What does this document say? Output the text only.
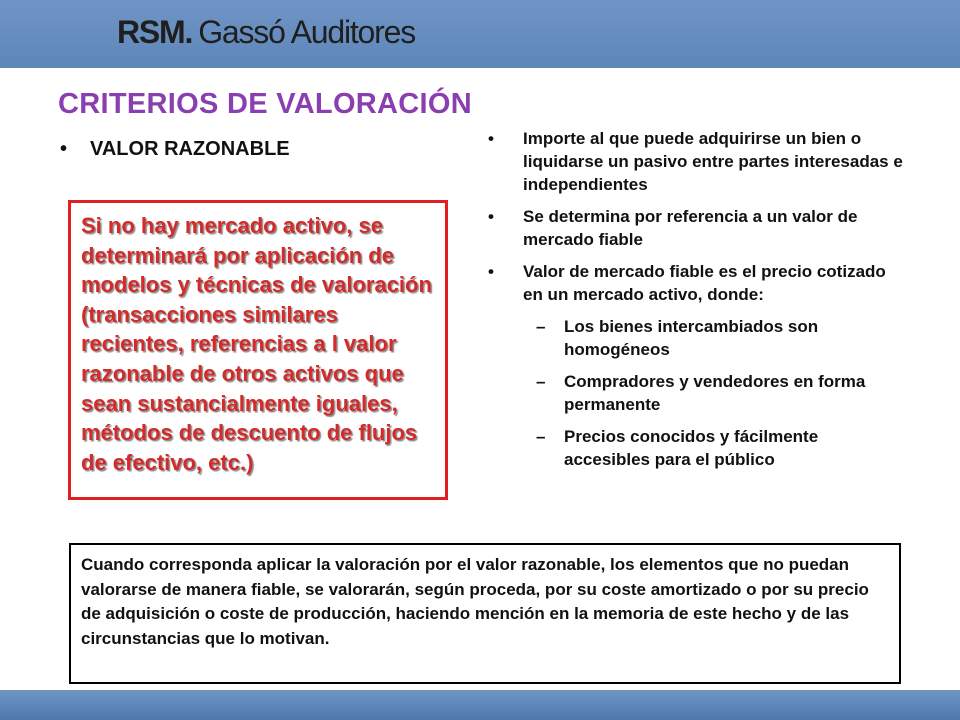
RSM. Gassó Auditores
CRITERIOS DE VALORACIÓN
• VALOR RAZONABLE

Si no hay mercado activo, se determinará por aplicación de modelos y técnicas de valoración (transacciones similares recientes, referencias a l valor razonable de otros activos que sean sustancialmente iguales, métodos de descuento de flujos de efectivo, etc.)

• Importe al que puede adquirirse un bien o liquidarse un pasivo entre partes interesadas e independientes
• Se determina por referencia a un valor de mercado fiable
• Valor de mercado fiable es el precio cotizado en un mercado activo, donde:
– Los bienes intercambiados son homogéneos
– Compradores y vendedores en forma permanente
– Precios conocidos y fácilmente accesibles para el público

Cuando corresponda aplicar la valoración por el valor razonable, los elementos que no puedan valorarse de manera fiable, se valorarán, según proceda, por su coste amortizado o por su precio de adquisición o coste de producción, haciendo mención en la memoria de este hecho y de las circunstancias que lo motivan.
